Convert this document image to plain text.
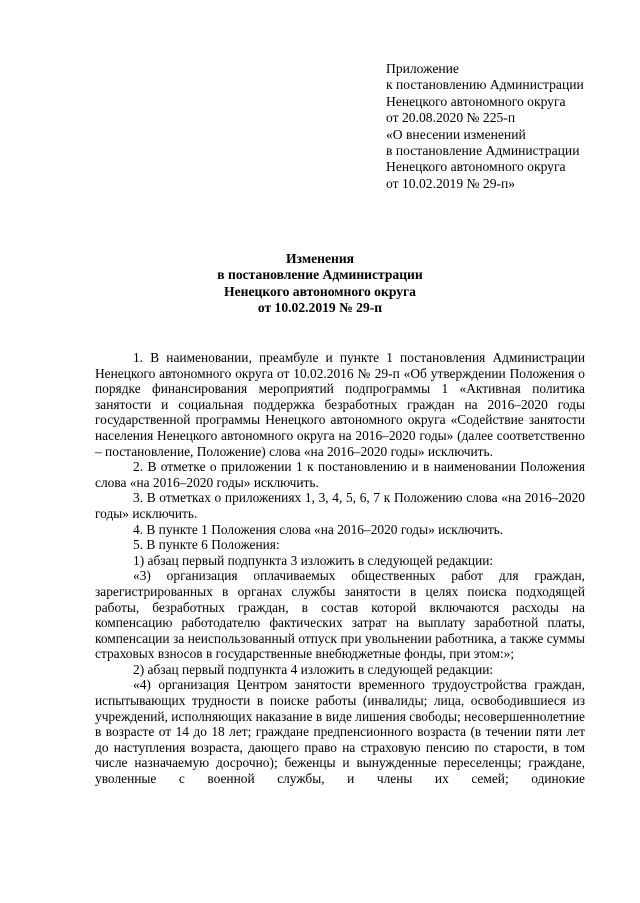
Приложение
к постановлению Администрации
Ненецкого автономного округа
от 20.08.2020 № 225-п
«О внесении изменений
в постановление Администрации
Ненецкого автономного округа
от 10.02.2019 № 29-п»
Изменения
в постановление Администрации
Ненецкого автономного округа
от 10.02.2019 № 29-п

1. В наименовании, преамбуле и пункте 1 постановления Администрации Ненецкого автономного округа от 10.02.2016 № 29-п «Об утверждении Положения о порядке финансирования мероприятий подпрограммы 1 «Активная политика занятости и социальная поддержка безработных граждан на 2016–2020 годы государственной программы Ненецкого автономного округа «Содействие занятости населения Ненецкого автономного округа на 2016–2020 годы» (далее соответственно – постановление, Положение) слова «на 2016–2020 годы» исключить.

2. В отметке о приложении 1 к постановлению и в наименовании Положения слова «на 2016–2020 годы» исключить.

3. В отметках о приложениях 1, 3, 4, 5, 6, 7 к Положению слова «на 2016–2020 годы» исключить.

4. В пункте 1 Положения слова «на 2016–2020 годы» исключить.

5. В пункте 6 Положения:

1) абзац первый подпункта 3 изложить в следующей редакции:

«3) организация оплачиваемых общественных работ для граждан, зарегистрированных в органах службы занятости в целях поиска подходящей работы, безработных граждан, в состав которой включаются расходы на компенсацию работодателю фактических затрат на выплату заработной платы, компенсации за неиспользованный отпуск при увольнении работника, а также суммы страховых взносов в государственные внебюджетные фонды, при этом:»;

2) абзац первый подпункта 4 изложить в следующей редакции:

«4) организация Центром занятости временного трудоустройства граждан, испытывающих трудности в поиске работы (инвалиды; лица, освободившиеся из учреждений, исполняющих наказание в виде лишения свободы; несовершеннолетние в возрасте от 14 до 18 лет; граждане предпенсионного возраста (в течении пяти лет до наступления возраста, дающего право на страховую пенсию по старости, в том числе назначаемую досрочно); беженцы и вынужденные переселенцы; граждане, уволенные с военной службы, и члены их семей; одинокие
